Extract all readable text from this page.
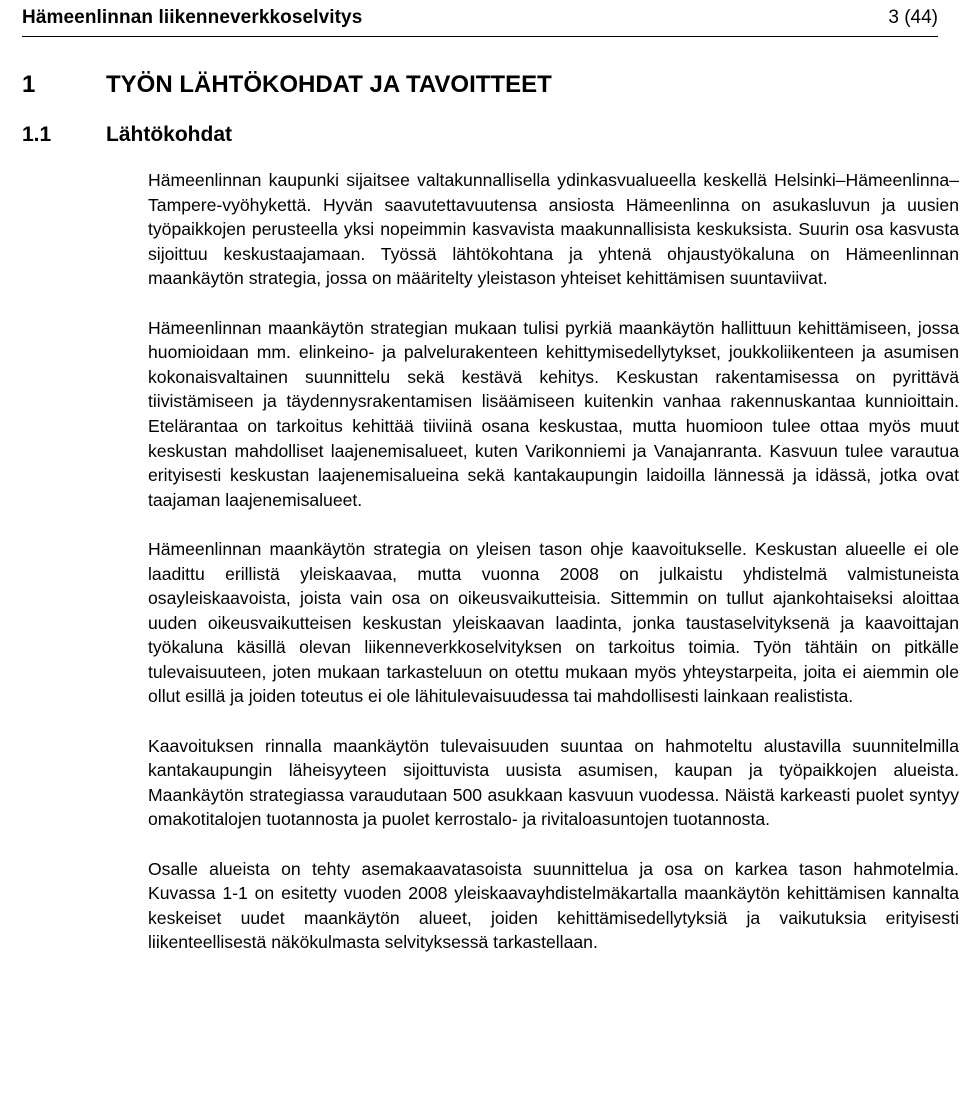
Hämeenlinnan liikenneverkkoselvitys	3 (44)
1	TYÖN LÄHTÖKOHDAT JA TAVOITTEET
1.1	Lähtökohdat

Hämeenlinnan kaupunki sijaitsee valtakunnallisella ydinkasvualueella keskellä Helsinki–Hämeenlinna–Tampere-vyöhykettä. Hyvän saavutettavuutensa ansiosta Hämeenlinna on asukasluvun ja uusien työpaikkojen perusteella yksi nopeimmin kasvavista maakunnallisista keskuksista. Suurin osa kasvusta sijoittuu keskustaajamaan. Työssä lähtökohtana ja yhtenä ohjaustyökaluna on Hämeenlinnan maankäytön strategia, jossa on määritelty yleistason yhteiset kehittämisen suuntaviivat.

Hämeenlinnan maankäytön strategian mukaan tulisi pyrkiä maankäytön hallittuun kehittämiseen, jossa huomioidaan mm. elinkeino- ja palvelurakenteen kehittymisedellytykset, joukkoliikenteen ja asumisen kokonaisvaltainen suunnittelu sekä kestävä kehitys. Keskustan rakentamisessa on pyrittävä tiivistämiseen ja täydennysrakentamisen lisäämiseen kuitenkin vanhaa rakennuskantaa kunnioittain. Etelärantaa on tarkoitus kehittää tiiviinä osana keskustaa, mutta huomioon tulee ottaa myös muut keskustan mahdolliset laajenemisalueet, kuten Varikonniemi ja Vanajanranta. Kasvuun tulee varautua erityisesti keskustan laajenemisalueina sekä kantakaupungin laidoilla lännessä ja idässä, jotka ovat taajaman laajenemisalueet.

Hämeenlinnan maankäytön strategia on yleisen tason ohje kaavoitukselle. Keskustan alueelle ei ole laadittu erillistä yleiskaavaa, mutta vuonna 2008 on julkaistu yhdistelmä valmistuneista osayleiskaavoista, joista vain osa on oikeusvaikutteisia. Sittemmin on tullut ajankohtaiseksi aloittaa uuden oikeusvaikutteisen keskustan yleiskaavan laadinta, jonka taustaselvityksenä ja kaavoittajan työkaluna käsillä olevan liikenneverkkoselvityksen on tarkoitus toimia. Työn tähtäin on pitkälle tulevaisuuteen, joten mukaan tarkasteluun on otettu mukaan myös yhteystarpeita, joita ei aiemmin ole ollut esillä ja joiden toteutus ei ole lähitulevaisuudessa tai mahdollisesti lainkaan realistista.

Kaavoituksen rinnalla maankäytön tulevaisuuden suuntaa on hahmoteltu alustavilla suunnitelmilla kantakaupungin läheisyyteen sijoittuvista uusista asumisen, kaupan ja työpaikkojen alueista. Maankäytön strategiassa varaudutaan 500 asukkaan kasvuun vuodessa. Näistä karkeasti puolet syntyy omakotitalojen tuotannosta ja puolet kerrostalo- ja rivitaloasuntojen tuotannosta.

Osalle alueista on tehty asemakaavatasoista suunnittelua ja osa on karkea tason hahmotelmia. Kuvassa 1-1 on esitetty vuoden 2008 yleiskaavayhdistelmäkartalla maankäytön kehittämisen kannalta keskeiset uudet maankäytön alueet, joiden kehittämisedellytyksiä ja vaikutuksia erityisesti liikenteellisestä näkökulmasta selvityksessä tarkastellaan.
